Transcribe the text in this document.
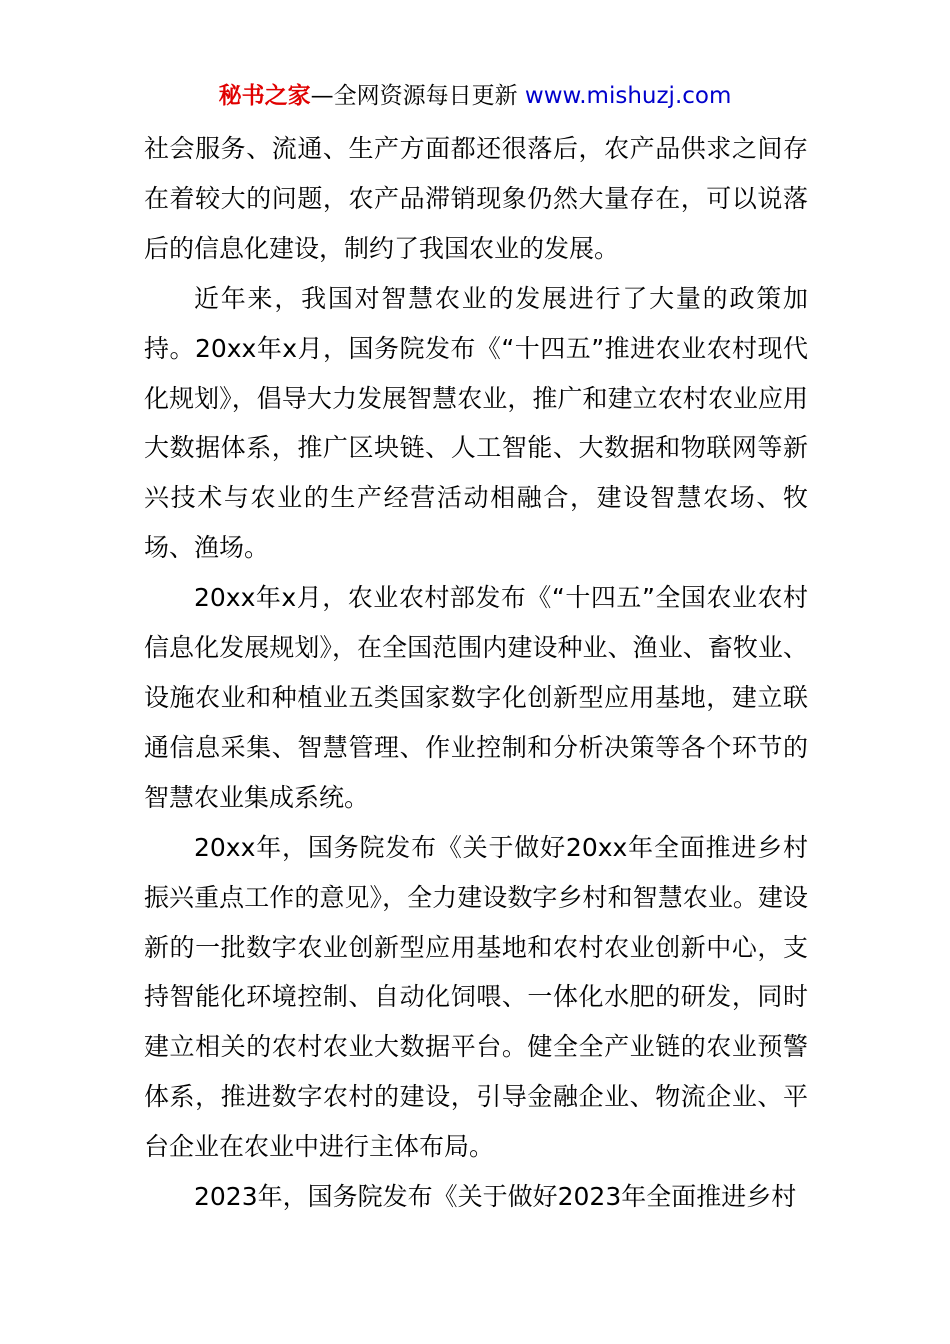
秘书之家—全网资源每日更新 www.mishuzj.com

社会服务、流通、生产方面都还很落后，农产品供求之间存在着较大的问题，农产品滞销现象仍然大量存在，可以说落后的信息化建设，制约了我国农业的发展。

近年来，我国对智慧农业的发展进行了大量的政策加持。20xx年x月，国务院发布《“十四五”推进农业农村现代化规划》，倡导大力发展智慧农业，推广和建立农村农业应用大数据体系，推广区块链、人工智能、大数据和物联网等新兴技术与农业的生产经营活动相融合，建设智慧农场、牧场、渔场。

20xx年x月，农业农村部发布《“十四五”全国农业农村信息化发展规划》，在全国范围内建设种业、渔业、畜牧业、设施农业和种植业五类国家数字化创新型应用基地，建立联通信息采集、智慧管理、作业控制和分析决策等各个环节的智慧农业集成系统。

20xx年，国务院发布《关于做好20xx年全面推进乡村振兴重点工作的意见》，全力建设数字乡村和智慧农业。建设新的一批数字农业创新型应用基地和农村农业创新中心，支持智能化环境控制、自动化饲喂、一体化水肥的研发，同时建立相关的农村农业大数据平台。健全全产业链的农业预警体系，推进数字农村的建设，引导金融企业、物流企业、平台企业在农业中进行主体布局。

2023年，国务院发布《关于做好2023年全面推进乡村
